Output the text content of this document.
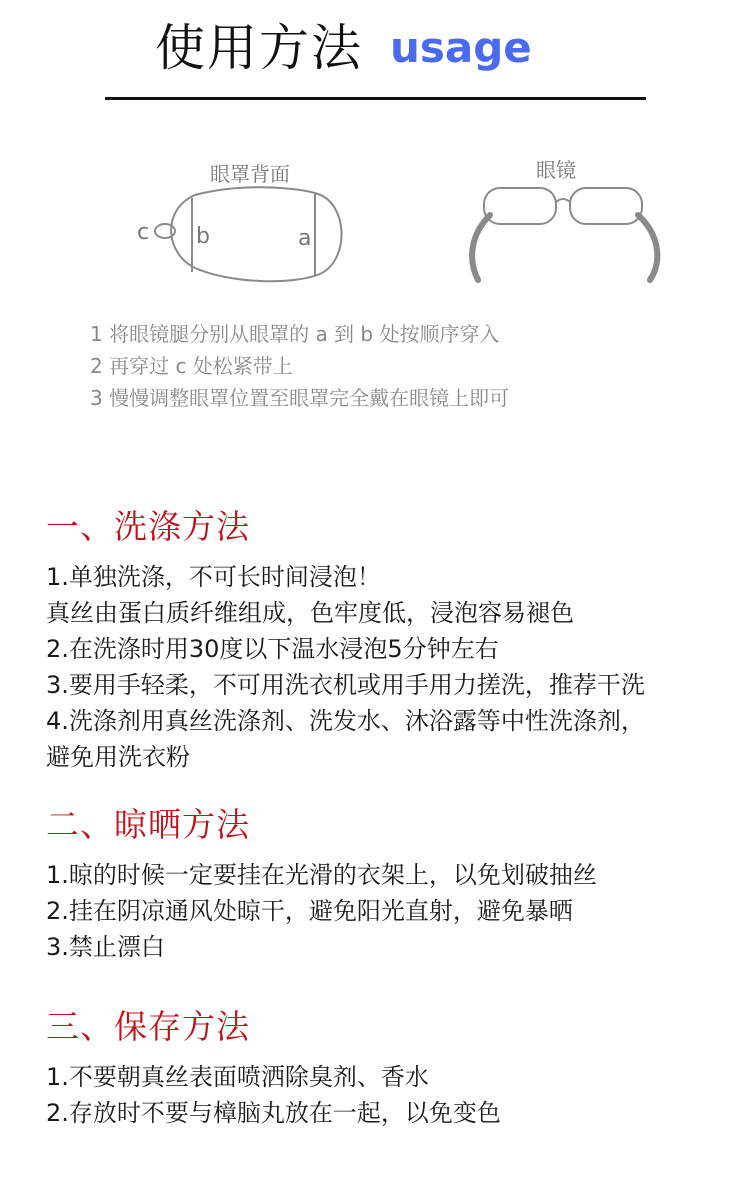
使用方法 usage
c b	a
眼罩背面	眼镜
1 将眼镜腿分别从眼罩的 a 到 b 处按顺序穿入
2 再穿过 c 处松紧带上
3 慢慢调整眼罩位置至眼罩完全戴在眼镜上即可
一、洗涤方法
1.单独洗涤，不可长时间浸泡！
真丝由蛋白质纤维组成，色牢度低，浸泡容易褪色
2.在洗涤时用30度以下温水浸泡5分钟左右
3.要用手轻柔，不可用洗衣机或用手用力搓洗，推荐干洗
4.洗涤剂用真丝洗涤剂、洗发水、沐浴露等中性洗涤剂，
避免用洗衣粉
二、晾晒方法
1.晾的时候一定要挂在光滑的衣架上，以免划破抽丝
2.挂在阴凉通风处晾干，避免阳光直射，避免暴晒
3.禁止漂白
三、保存方法
1.不要朝真丝表面喷洒除臭剂、香水
2.存放时不要与樟脑丸放在一起，以免变色
